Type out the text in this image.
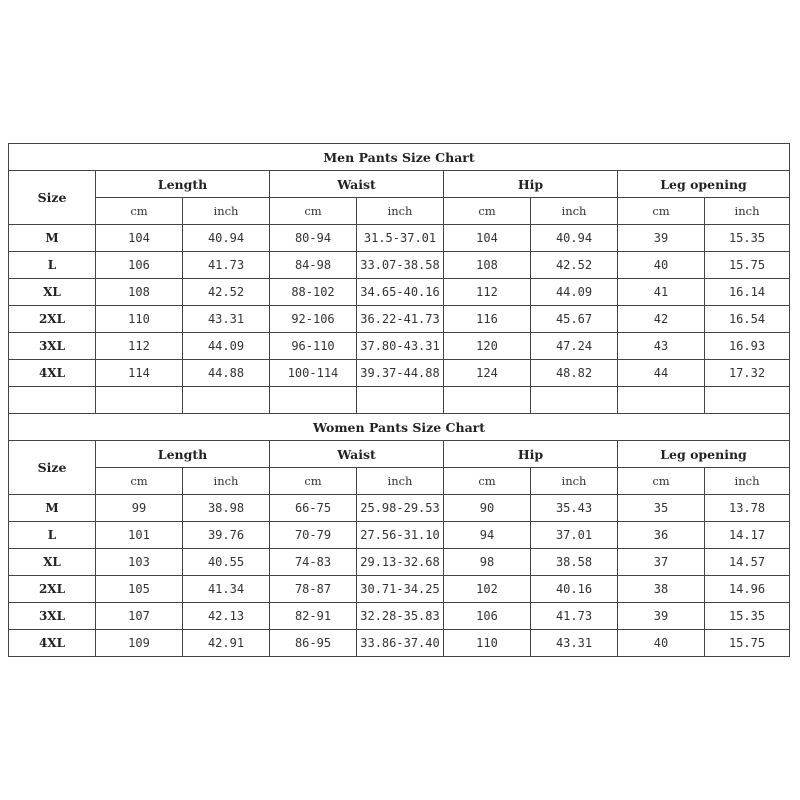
Men Pants Size Chart								
Size	Length		Waist		Hip		Leg opening	
	cm	inch	cm	inch	cm	inch	cm	inch
M	104	40.94	80-94	31.5-37.01	104	40.94	39	15.35
L	106	41.73	84-98	33.07-38.58	108	42.52	40	15.75
XL	108	42.52	88-102	34.65-40.16	112	44.09	41	16.14
2XL	110	43.31	92-106	36.22-41.73	116	45.67	42	16.54
3XL	112	44.09	96-110	37.80-43.31	120	47.24	43	16.93
4XL	114	44.88	100-114	39.37-44.88	124	48.82	44	17.32

Women Pants Size Chart								
Size	Length		Waist		Hip		Leg opening	
	cm	inch	cm	inch	cm	inch	cm	inch
M	99	38.98	66-75	25.98-29.53	90	35.43	35	13.78
L	101	39.76	70-79	27.56-31.10	94	37.01	36	14.17
XL	103	40.55	74-83	29.13-32.68	98	38.58	37	14.57
2XL	105	41.34	78-87	30.71-34.25	102	40.16	38	14.96
3XL	107	42.13	82-91	32.28-35.83	106	41.73	39	15.35
4XL	109	42.91	86-95	33.86-37.40	110	43.31	40	15.75
